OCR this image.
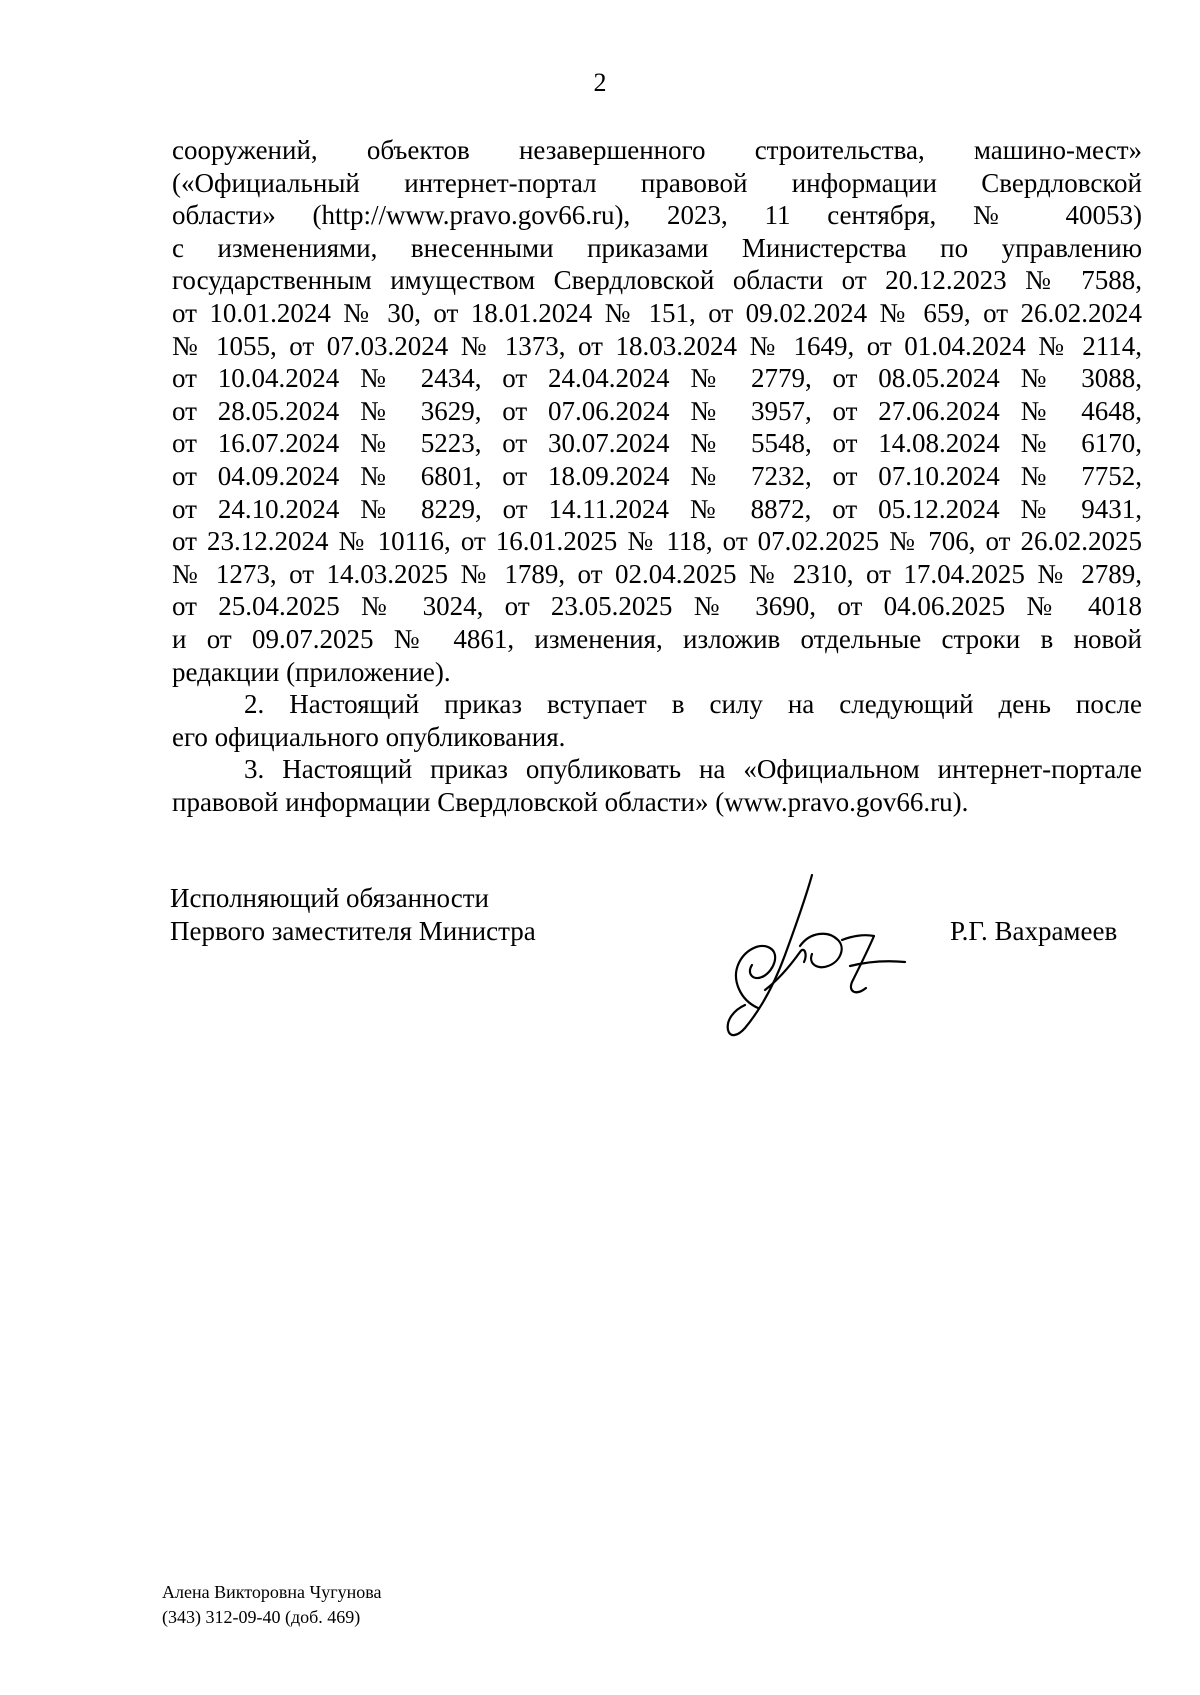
2
сооружений, объектов незавершенного строительства, машино-мест»
(«Официальный интернет-портал правовой информации Свердловской
области» (http://www.pravo.gov66.ru), 2023, 11 сентября, № 40053)
с изменениями, внесенными приказами Министерства по управлению
государственным имуществом Свердловской области от 20.12.2023 № 7588,
от 10.01.2024 № 30, от 18.01.2024 № 151, от 09.02.2024 № 659, от 26.02.2024
№ 1055, от 07.03.2024 № 1373, от 18.03.2024 № 1649, от 01.04.2024 № 2114,
от 10.04.2024 № 2434, от 24.04.2024 № 2779, от 08.05.2024 № 3088,
от 28.05.2024 № 3629, от 07.06.2024 № 3957, от 27.06.2024 № 4648,
от 16.07.2024 № 5223, от 30.07.2024 № 5548, от 14.08.2024 № 6170,
от 04.09.2024 № 6801, от 18.09.2024 № 7232, от 07.10.2024 № 7752,
от 24.10.2024 № 8229, от 14.11.2024 № 8872, от 05.12.2024 № 9431,
от 23.12.2024 № 10116, от 16.01.2025 № 118, от 07.02.2025 № 706, от 26.02.2025
№ 1273, от 14.03.2025 № 1789, от 02.04.2025 № 2310, от 17.04.2025 № 2789,
от 25.04.2025 № 3024, от 23.05.2025 № 3690, от 04.06.2025 № 4018
и от 09.07.2025 № 4861, изменения, изложив отдельные строки в новой
редакции (приложение).
2. Настоящий приказ вступает в силу на следующий день после
его официального опубликования.
3. Настоящий приказ опубликовать на «Официальном интернет-портале
правовой информации Свердловской области» (www.pravo.gov66.ru).
Исполняющий обязанности
Первого заместителя Министра	Р.Г. Вахрамеев
Алена Викторовна Чугунова
(343) 312-09-40 (доб. 469)
